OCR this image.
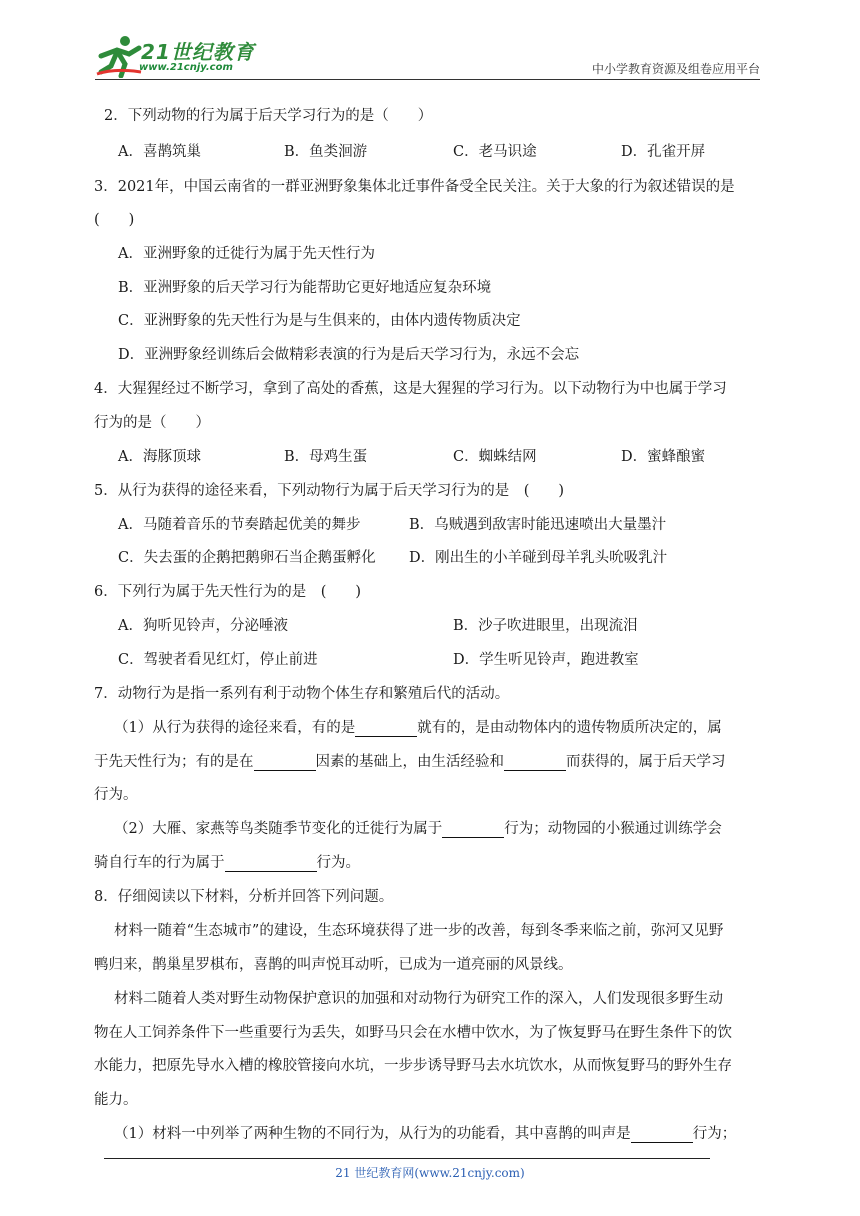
21世纪教育
www.21cnjy.com	中小学教育资源及组卷应用平台
2．下列动物的行为属于后天学习行为的是（　　）
A．喜鹊筑巢	B．鱼类洄游	C．老马识途	D．孔雀开屏
3．2021年，中国云南省的一群亚洲野象集体北迁事件备受全民关注。关于大象的行为叙述错误的是
(　　)
A．亚洲野象的迁徙行为属于先天性行为
B．亚洲野象的后天学习行为能帮助它更好地适应复杂环境
C．亚洲野象的先天性行为是与生俱来的，由体内遗传物质决定
D．亚洲野象经训练后会做精彩表演的行为是后天学习行为，永远不会忘
4．大猩猩经过不断学习，拿到了高处的香蕉，这是大猩猩的学习行为。以下动物行为中也属于学习
行为的是（　　）
A．海豚顶球	B．母鸡生蛋	C．蜘蛛结网	D．蜜蜂酿蜜
5．从行为获得的途径来看，下列动物行为属于后天学习行为的是　(　　)
A．马随着音乐的节奏踏起优美的舞步	B．乌贼遇到敌害时能迅速喷出大量墨汁
C．失去蛋的企鹅把鹅卵石当企鹅蛋孵化 D．刚出生的小羊碰到母羊乳头吮吸乳汁
6．下列行为属于先天性行为的是　(　　)
A．狗听见铃声，分泌唾液	B．沙子吹进眼里，出现流泪
C．驾驶者看见红灯，停止前进	D．学生听见铃声，跑进教室
7．动物行为是指一系列有利于动物个体生存和繁殖后代的活动。
（1）从行为获得的途径来看，有的是	就有的，是由动物体内的遗传物质所决定的，属
于先天性行为；有的是在	因素的基础上，由生活经验和	而获得的，属于后天学习
行为。
（2）大雁、家燕等鸟类随季节变化的迁徙行为属于	行为；动物园的小猴通过训练学会
骑自行车的行为属于	行为。
8．仔细阅读以下材料，分析并回答下列问题。
材料一随着“生态城市”的建设，生态环境获得了进一步的改善，每到冬季来临之前，弥河又见野
鸭归来，鹊巢星罗棋布，喜鹊的叫声悦耳动听，已成为一道亮丽的风景线。
材料二随着人类对野生动物保护意识的加强和对动物行为研究工作的深入，人们发现很多野生动
物在人工饲养条件下一些重要行为丢失，如野马只会在水槽中饮水，为了恢复野马在野生条件下的饮
水能力，把原先导水入槽的橡胶管接向水坑，一步步诱导野马去水坑饮水，从而恢复野马的野外生存
能力。
（1）材料一中列举了两种生物的不同行为，从行为的功能看，其中喜鹊的叫声是	行为；
21 世纪教育网(www.21cnjy.com)
